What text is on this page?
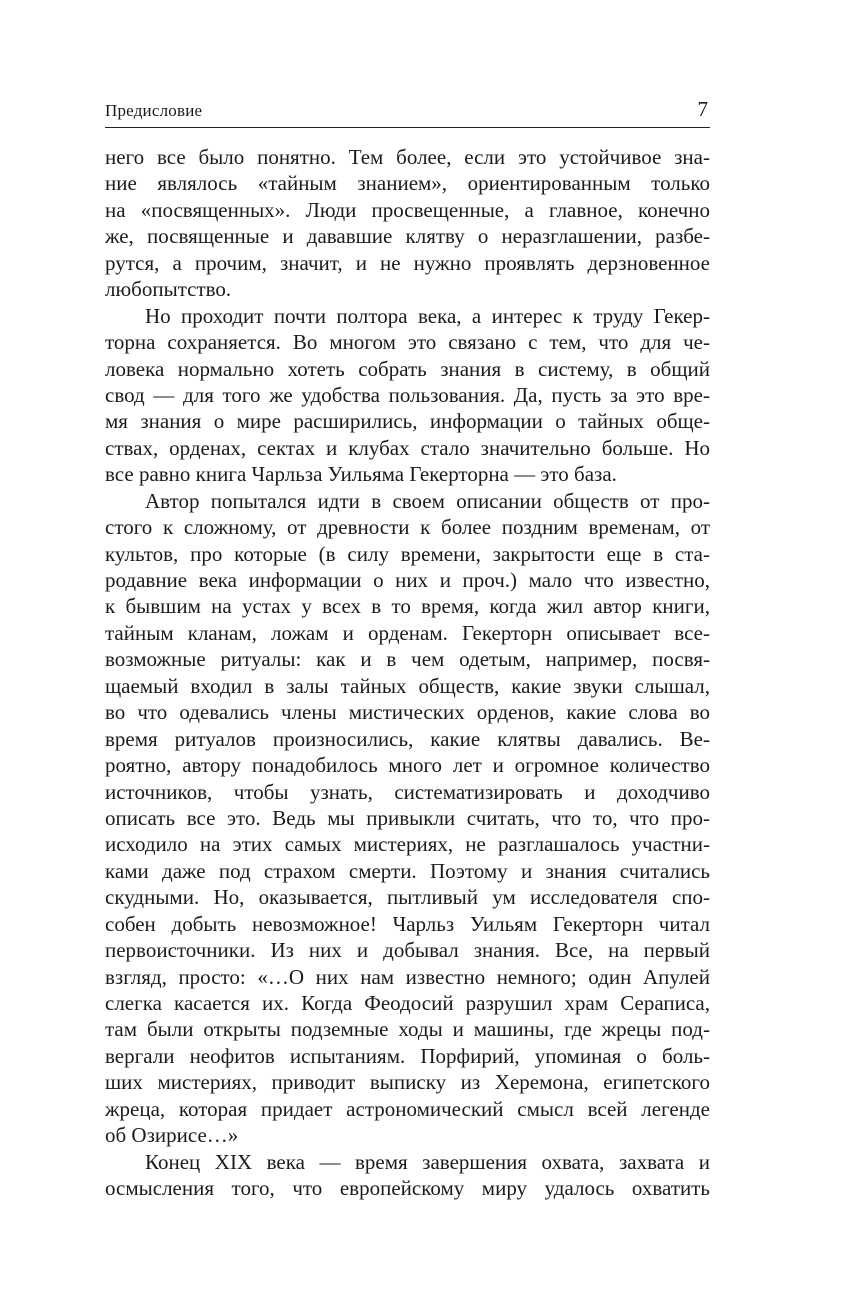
Предисловие	7
него все было понятно. Тем более, если это устойчивое зна-
ние являлось «тайным знанием», ориентированным только
на «посвященных». Люди просвещенные, а главное, конечно
же, посвященные и дававшие клятву о неразглашении, разбе-
рутся, а прочим, значит, и не нужно проявлять дерзновенное
любопытство.
Но проходит почти полтора века, а интерес к труду Гекер-
торна сохраняется. Во многом это связано с тем, что для че-
ловека нормально хотеть собрать знания в систему, в общий
свод — для того же удобства пользования. Да, пусть за это вре-
мя знания о мире расширились, информации о тайных обще-
ствах, орденах, сектах и клубах стало значительно больше. Но
все равно книга Чарльза Уильяма Гекерторна — это база.
Автор попытался идти в своем описании обществ от про-
стого к сложному, от древности к более поздним временам, от
культов, про которые (в силу времени, закрытости еще в ста-
родавние века информации о них и проч.) мало что известно,
к бывшим на устах у всех в то время, когда жил автор книги,
тайным кланам, ложам и орденам. Гекерторн описывает все-
возможные ритуалы: как и в чем одетым, например, посвя-
щаемый входил в залы тайных обществ, какие звуки слышал,
во что одевались члены мистических орденов, какие слова во
время ритуалов произносились, какие клятвы давались. Ве-
роятно, автору понадобилось много лет и огромное количество
источников, чтобы узнать, систематизировать и доходчиво
описать все это. Ведь мы привыкли считать, что то, что про-
исходило на этих самых мистериях, не разглашалось участни-
ками даже под страхом смерти. Поэтому и знания считались
скудными. Но, оказывается, пытливый ум исследователя спо-
собен добыть невозможное! Чарльз Уильям Гекерторн читал
первоисточники. Из них и добывал знания. Все, на первый
взгляд, просто: «…О них нам известно немного; один Апулей
слегка касается их. Когда Феодосий разрушил храм Сераписа,
там были открыты подземные ходы и машины, где жрецы под-
вергали неофитов испытаниям. Порфирий, упоминая о боль-
ших мистериях, приводит выписку из Херемона, египетского
жреца, которая придает астрономический смысл всей легенде
об Озирисе…»
Конец XIX века — время завершения охвата, захвата и
осмысления того, что европейскому миру удалось охватить
